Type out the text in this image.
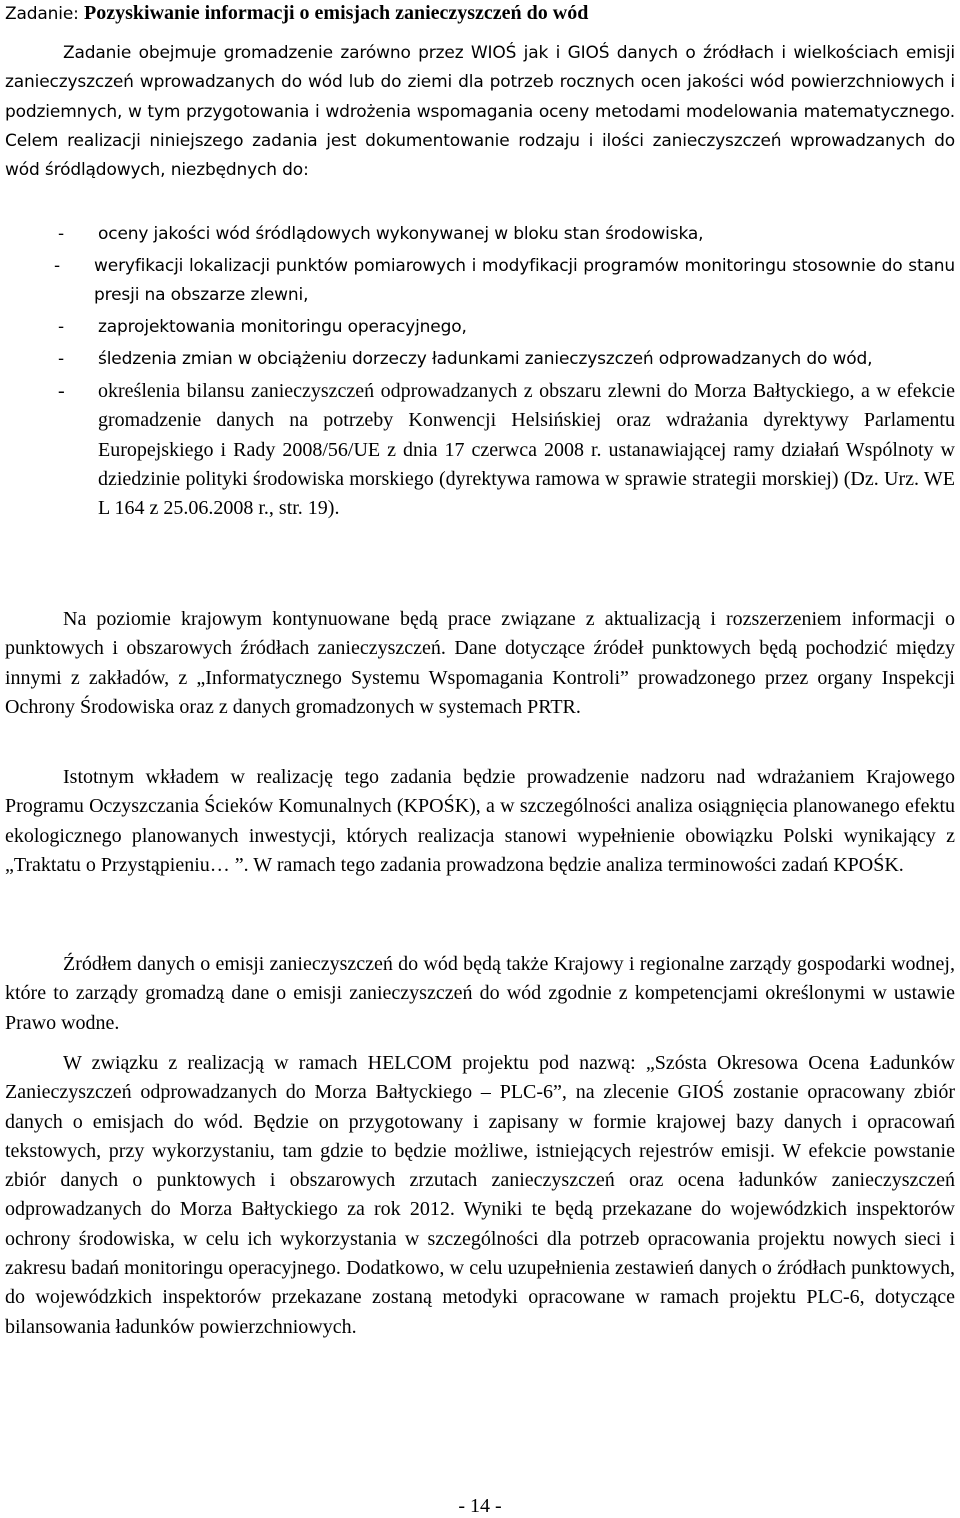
Zadanie: Pozyskiwanie informacji o emisjach zanieczyszczeń do wód

Zadanie obejmuje gromadzenie zarówno przez WIOŚ jak i GIOŚ danych o źródłach i wielkościach emisji zanieczyszczeń wprowadzanych do wód lub do ziemi dla potrzeb rocznych ocen jakości wód powierzchniowych i podziemnych, w tym przygotowania i wdrożenia wspomagania oceny metodami modelowania matematycznego. Celem realizacji niniejszego zadania jest dokumentowanie rodzaju i ilości zanieczyszczeń wprowadzanych do wód śródlądowych, niezbędnych do:

- oceny jakości wód śródlądowych wykonywanej w bloku stan środowiska,
- weryfikacji lokalizacji punktów pomiarowych i modyfikacji programów monitoringu stosownie do stanu presji na obszarze zlewni,
- zaprojektowania monitoringu operacyjnego,
- śledzenia zmian w obciążeniu dorzeczy ładunkami zanieczyszczeń odprowadzanych do wód,
- określenia bilansu zanieczyszczeń odprowadzanych z obszaru zlewni do Morza Bałtyckiego, a w efekcie gromadzenie danych na potrzeby Konwencji Helsińskiej oraz wdrażania dyrektywy Parlamentu Europejskiego i Rady 2008/56/UE z dnia 17 czerwca 2008 r. ustanawiającej ramy działań Wspólnoty w dziedzinie polityki środowiska morskiego (dyrektywa ramowa w sprawie strategii morskiej) (Dz. Urz. WE L 164 z 25.06.2008 r., str. 19).

Na poziomie krajowym kontynuowane będą prace związane z aktualizacją i rozszerzeniem informacji o punktowych i obszarowych źródłach zanieczyszczeń. Dane dotyczące źródeł punktowych będą pochodzić między innymi z zakładów, z „Informatycznego Systemu Wspomagania Kontroli” prowadzonego przez organy Inspekcji Ochrony Środowiska oraz z danych gromadzonych w systemach PRTR.

Istotnym wkładem w realizację tego zadania będzie prowadzenie nadzoru nad wdrażaniem Krajowego Programu Oczyszczania Ścieków Komunalnych (KPOŚK), a w szczególności analiza osiągnięcia planowanego efektu ekologicznego planowanych inwestycji, których realizacja stanowi wypełnienie obowiązku Polski wynikający z „Traktatu o Przystąpieniu… ”. W ramach tego zadania prowadzona będzie analiza terminowości zadań KPOŚK.

Źródłem danych o emisji zanieczyszczeń do wód będą także Krajowy i regionalne zarządy gospodarki wodnej, które to zarządy gromadzą dane o emisji zanieczyszczeń do wód zgodnie z kompetencjami określonymi w ustawie Prawo wodne.

W związku z realizacją w ramach HELCOM projektu pod nazwą: „Szósta Okresowa Ocena Ładunków Zanieczyszczeń odprowadzanych do Morza Bałtyckiego – PLC-6”, na zlecenie GIOŚ zostanie opracowany zbiór danych o emisjach do wód. Będzie on przygotowany i zapisany w formie krajowej bazy danych i opracowań tekstowych, przy wykorzystaniu, tam gdzie to będzie możliwe, istniejących rejestrów emisji. W efekcie powstanie zbiór danych o punktowych i obszarowych zrzutach zanieczyszczeń oraz ocena ładunków zanieczyszczeń odprowadzanych do Morza Bałtyckiego za rok 2012. Wyniki te będą przekazane do wojewódzkich inspektorów ochrony środowiska, w celu ich wykorzystania w szczególności dla potrzeb opracowania projektu nowych sieci i zakresu badań monitoringu operacyjnego. Dodatkowo, w celu uzupełnienia zestawień danych o źródłach punktowych, do wojewódzkich inspektorów przekazane zostaną metodyki opracowane w ramach projektu PLC-6, dotyczące bilansowania ładunków powierzchniowych.

- 14 -
